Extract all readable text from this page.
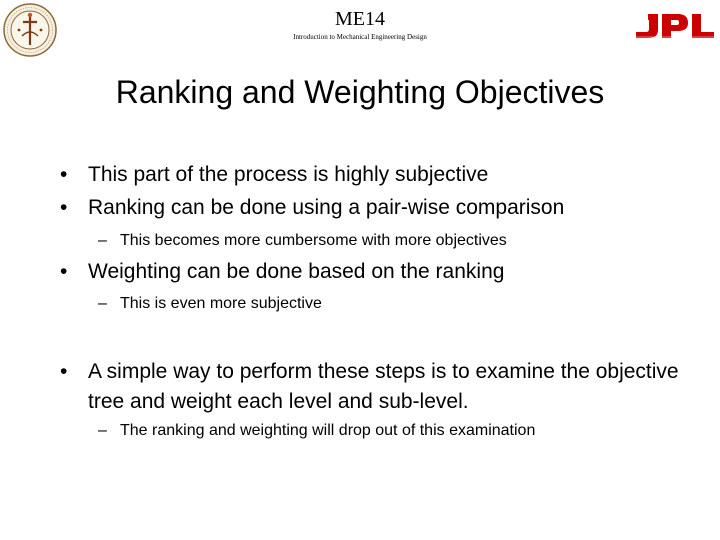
ME14
Introduction to Mechanical Engineering Design
Ranking and Weighting Objectives
• This part of the process is highly subjective
• Ranking can be done using a pair-wise comparison
– This becomes more cumbersome with more objectives
• Weighting can be done based on the ranking
– This is even more subjective
• A simple way to perform these steps is to examine the objective tree and weight each level and sub-level.
– The ranking and weighting will drop out of this examination
